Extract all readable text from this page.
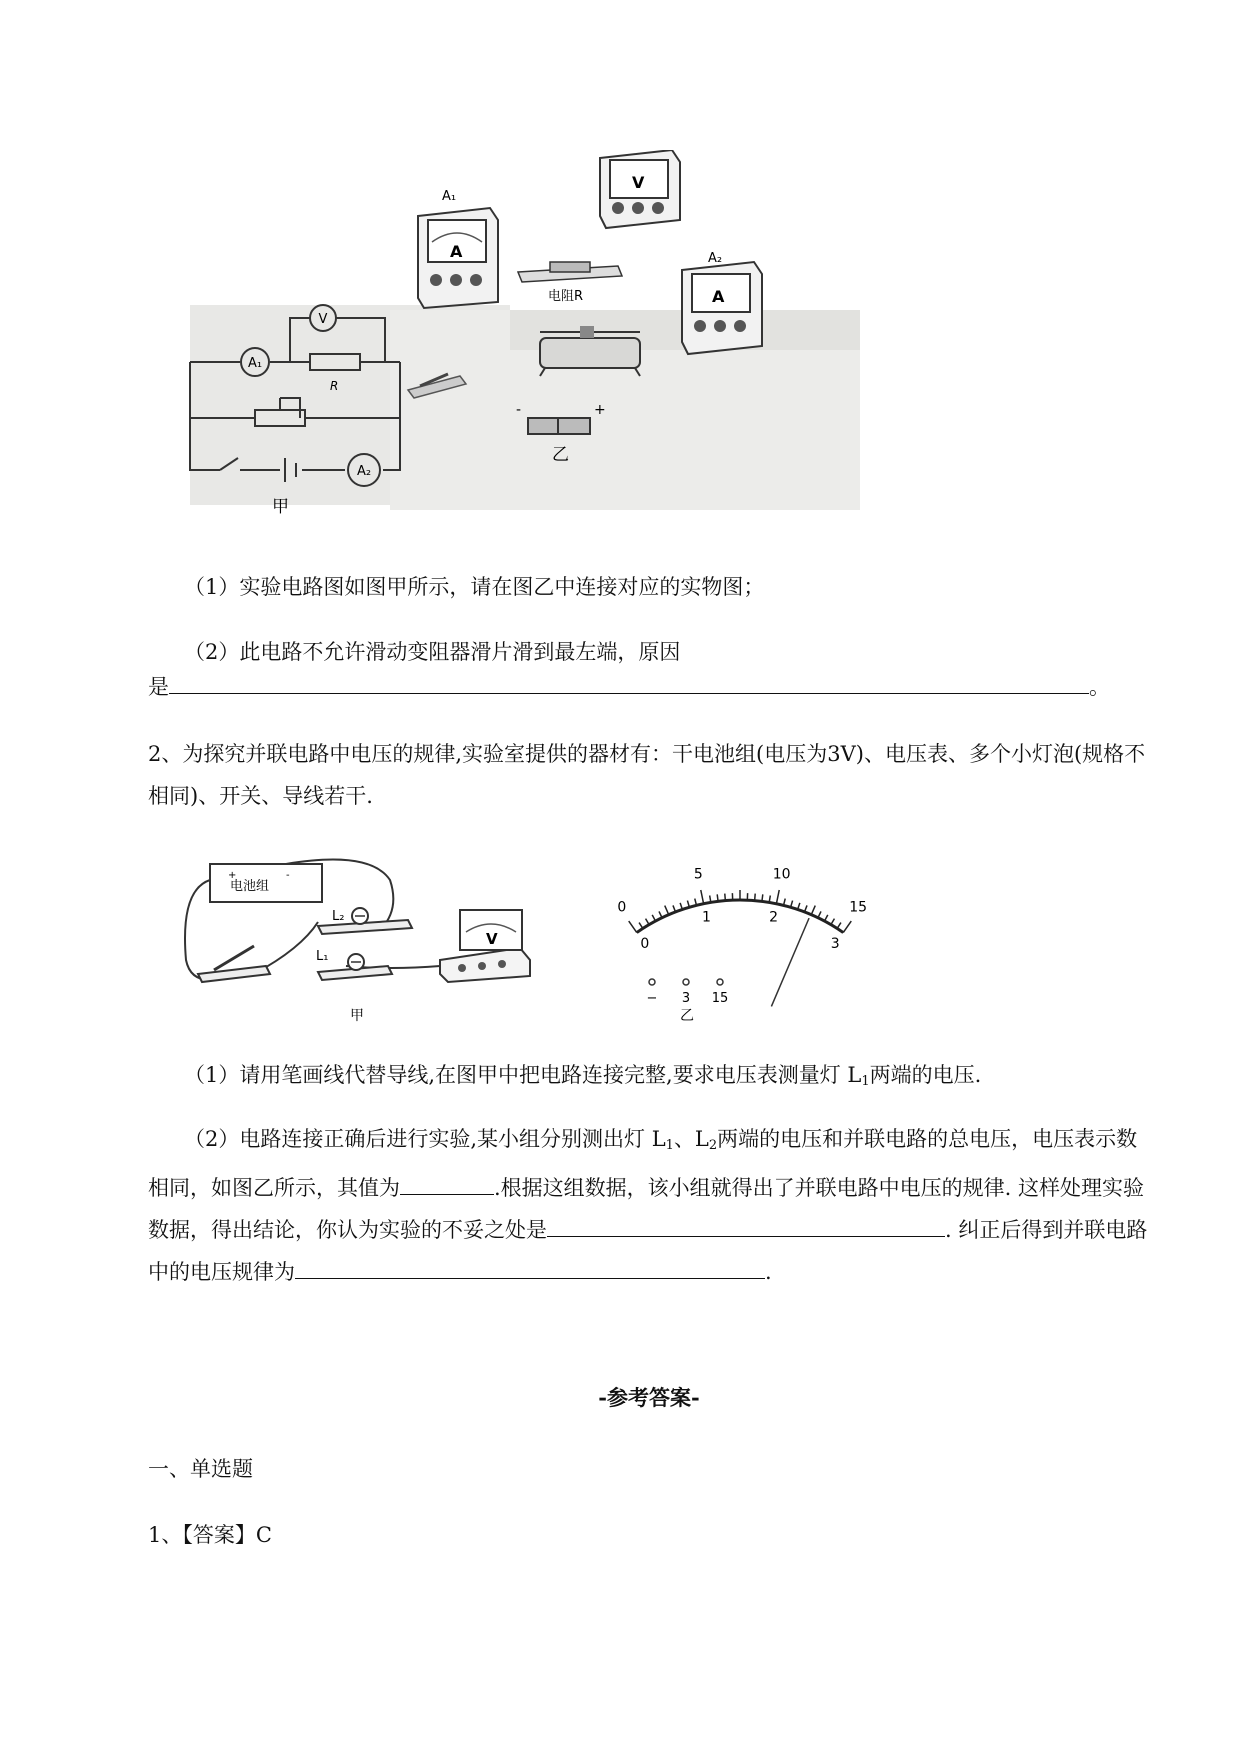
A₁
V
A₂
R
甲
A
A₁
V
电阻R	A
A₂
-	+
乙
（1）实验电路图如图甲所示，请在图乙中连接对应的实物图；
（2）此电路不允许滑动变阻器滑片滑到最左端，原因
是	。
2、为探究并联电路中电压的规律,实验室提供的器材有：干电池组(电压为3V)、电压表、多个小灯泡(规格不相同)、开关、导线若干.
+	-
电池组
L₂
L₁
V
甲
0
5	10
15
0
1	2
3
− 3 15
乙
（1）请用笔画线代替导线,在图甲中把电路连接完整,要求电压表测量灯 $L_1$两端的电压.
（2）电路连接正确后进行实验,某小组分别测出灯 $L_1$、$L_2$两端的电压和并联电路的总电压，电压表示数相同，如图乙所示，其值为	.根据这组数据，该小组就得出了并联电路中电压的规律. 这样处理实验数据，得出结论，你认为实验的不妥之处是	. 纠正后得到并联电路中的电压规律为	.
-参考答案-
一、单选题
1、【答案】C
